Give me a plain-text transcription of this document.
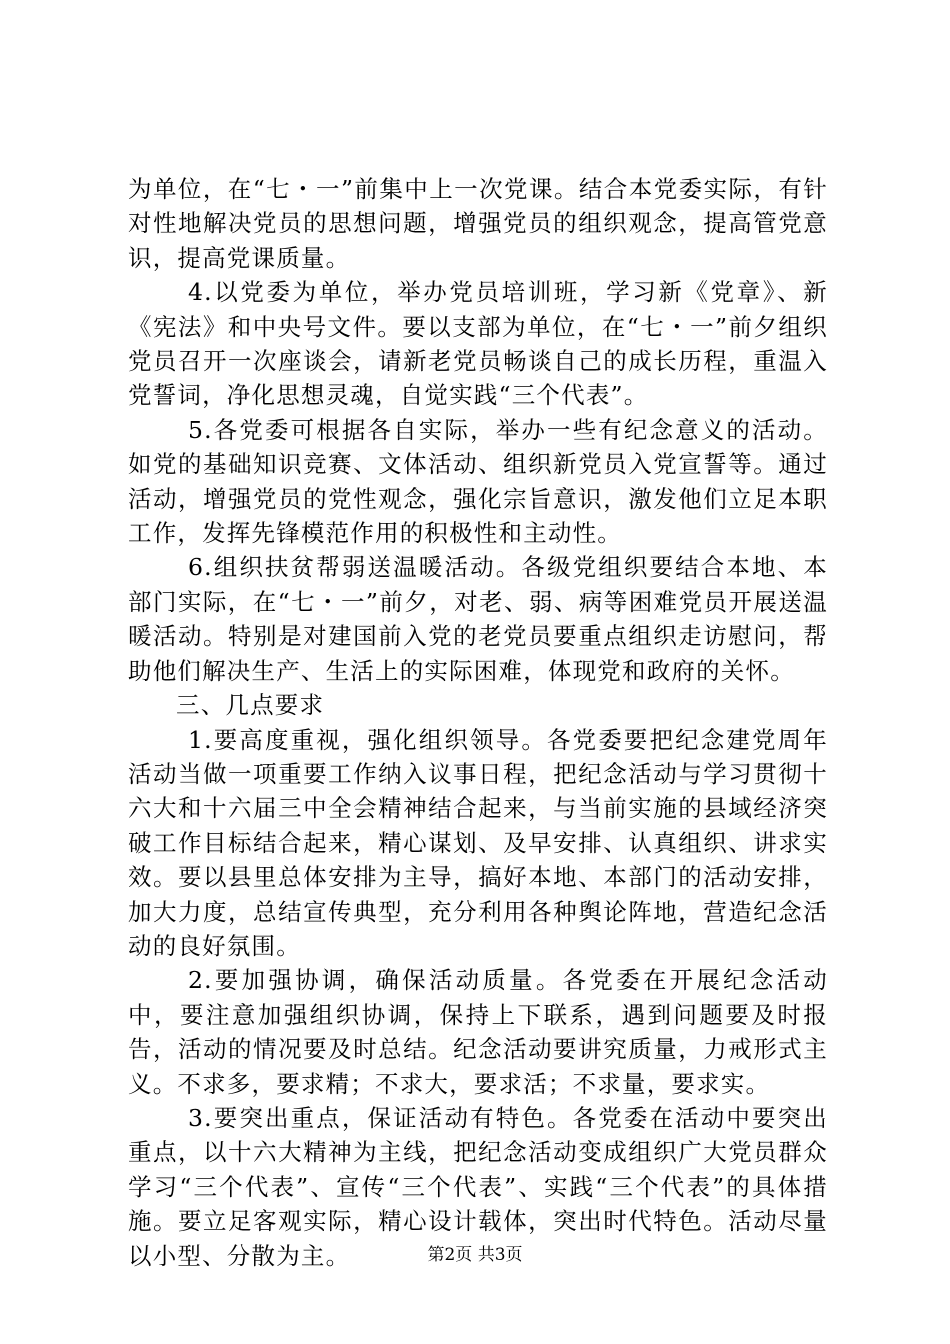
为单位，在“七・一”前集中上一次党课。结合本党委实际，有针对性地解决党员的思想问题，增强党员的组织观念，提高管党意识，提高党课质量。

4.以党委为单位，举办党员培训班，学习新《党章》、新《宪法》和中央号文件。要以支部为单位，在“七・一”前夕组织党员召开一次座谈会，请新老党员畅谈自己的成长历程，重温入党誓词，净化思想灵魂，自觉实践“三个代表”。

5.各党委可根据各自实际，举办一些有纪念意义的活动。如党的基础知识竞赛、文体活动、组织新党员入党宣誓等。通过活动，增强党员的党性观念，强化宗旨意识，激发他们立足本职工作，发挥先锋模范作用的积极性和主动性。

6.组织扶贫帮弱送温暖活动。各级党组织要结合本地、本部门实际，在“七・一”前夕，对老、弱、病等困难党员开展送温暖活动。特别是对建国前入党的老党员要重点组织走访慰问，帮助他们解决生产、生活上的实际困难，体现党和政府的关怀。

三、几点要求

1.要高度重视，强化组织领导。各党委要把纪念建党周年活动当做一项重要工作纳入议事日程，把纪念活动与学习贯彻十六大和十六届三中全会精神结合起来，与当前实施的县域经济突破工作目标结合起来，精心谋划、及早安排、认真组织、讲求实效。要以县里总体安排为主导，搞好本地、本部门的活动安排，加大力度，总结宣传典型，充分利用各种舆论阵地，营造纪念活动的良好氛围。

2.要加强协调，确保活动质量。各党委在开展纪念活动中，要注意加强组织协调，保持上下联系，遇到问题要及时报告，活动的情况要及时总结。纪念活动要讲究质量，力戒形式主义。不求多，要求精；不求大，要求活；不求量，要求实。

3.要突出重点，保证活动有特色。各党委在活动中要突出重点，以十六大精神为主线，把纪念活动变成组织广大党员群众学习“三个代表”、宣传“三个代表”、实践“三个代表”的具体措施。要立足客观实际，精心设计载体，突出时代特色。活动尽量以小型、分散为主。	第2页 共3页
